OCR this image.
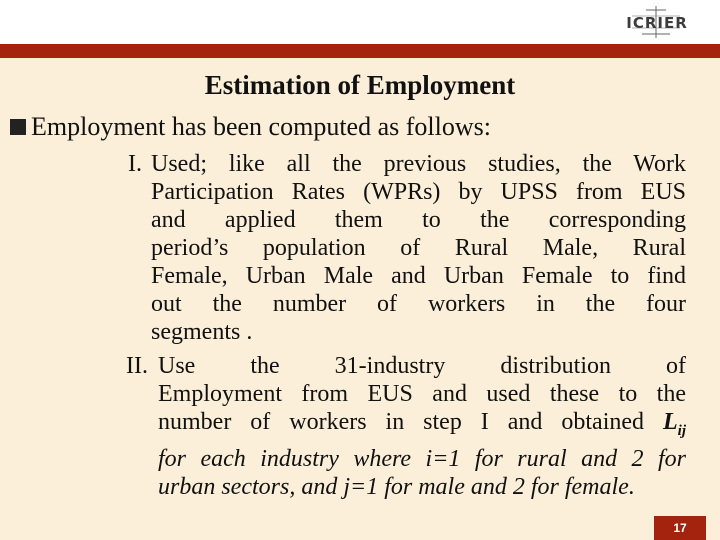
ICRIER
Estimation of Employment
Employment has been computed as follows:
I. Used; like all the previous studies, the Work
Participation Rates (WPRs) by UPSS from EUS
and applied them to the corresponding
period’s population of Rural Male, Rural
Female, Urban Male and Urban Female to find
out the number of workers in the four
segments .
II. Use the 31-industry distribution of
Employment from EUS and used these to the
number of workers in step I and obtained $L_{ij}$
for each industry where i=1 for rural and 2 for
urban sectors, and j=1 for male and 2 for female.
17
